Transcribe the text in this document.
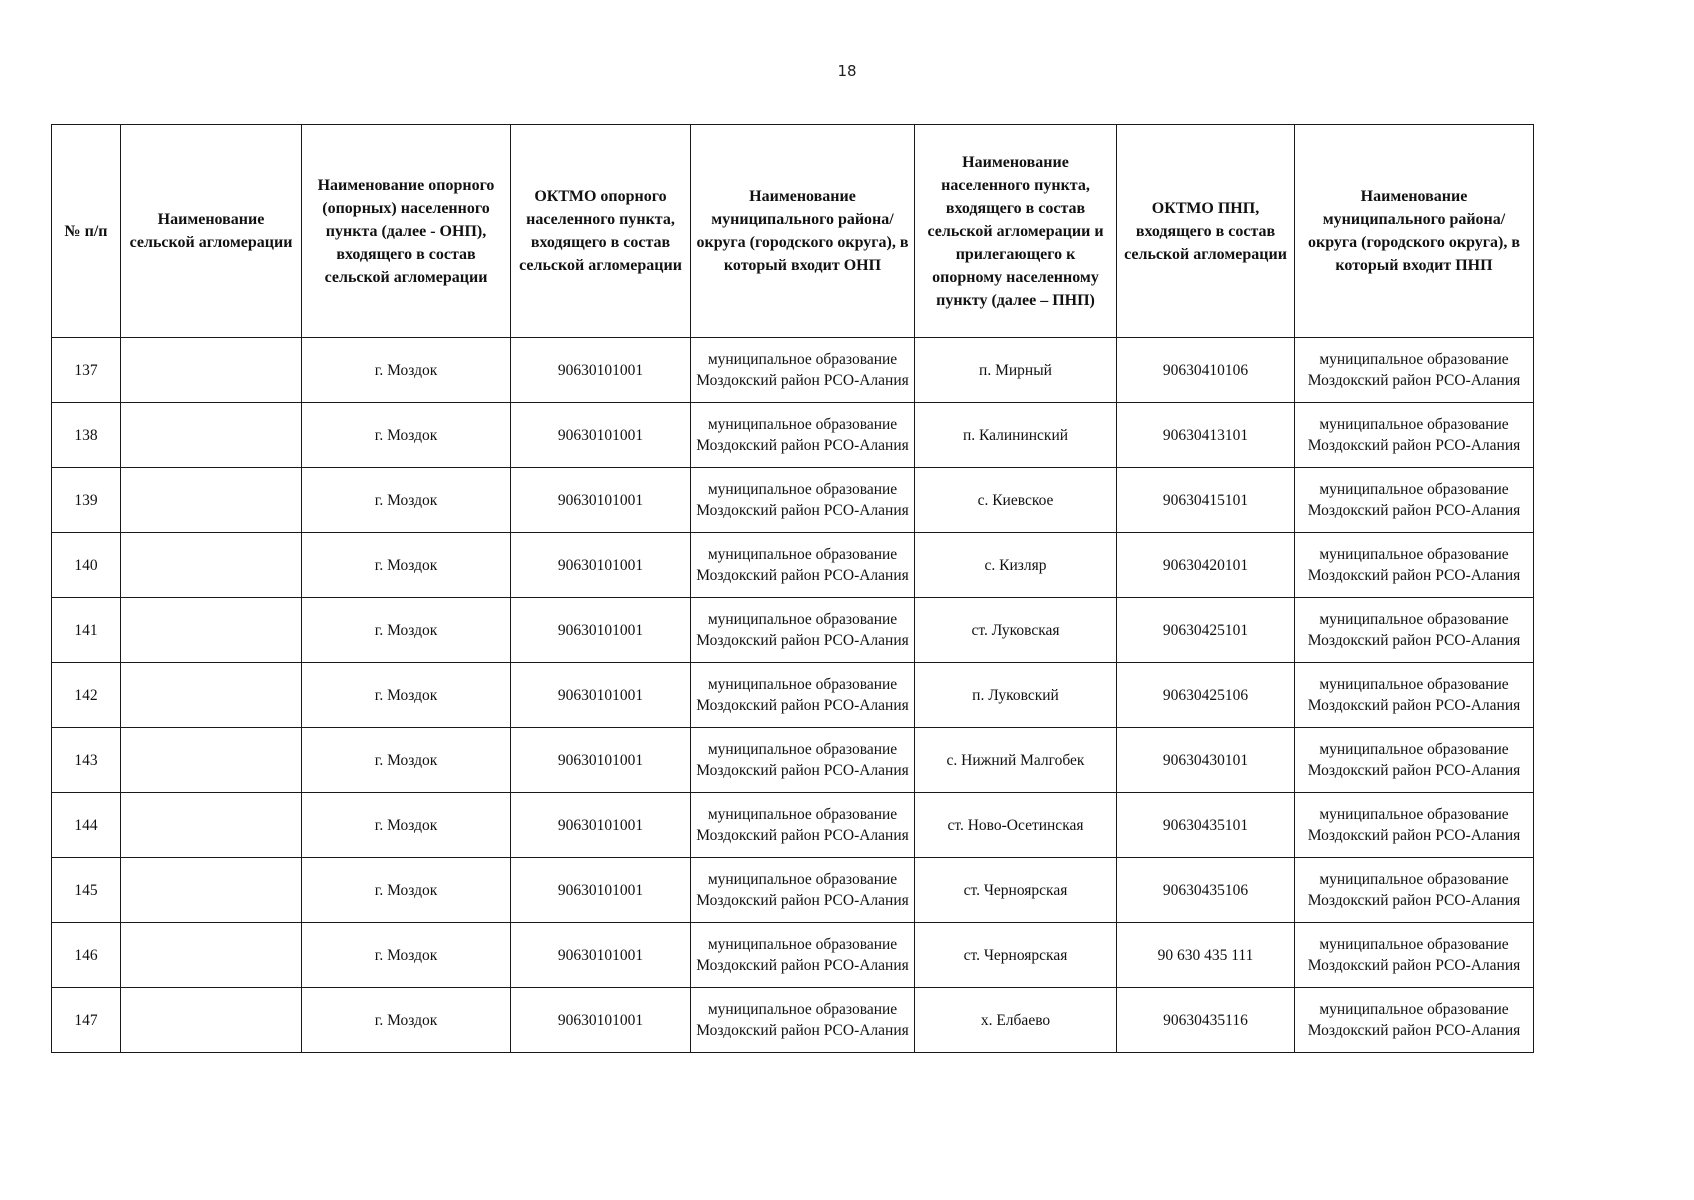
18
№ п/п	Наименование сельской агломерации	Наименование опорного (опорных) населенного пункта (далее - ОНП), входящего в состав сельской агломерации	ОКТМО опорного населенного пункта, входящего в состав сельской агломерации	Наименование муниципального района/округа (городского округа), в который входит ОНП	Наименование населенного пункта, входящего в состав сельской агломерации и прилегающего к опорному населенному пункту (далее – ПНП)	ОКТМО ПНП, входящего в состав сельской агломерации	Наименование муниципального района/округа (городского округа), в который входит ПНП
137		г. Моздок	90630101001	муниципальное образование Моздокский район РСО-Алания	п. Мирный	90630410106	муниципальное образование Моздокский район РСО-Алания
138		г. Моздок	90630101001	муниципальное образование Моздокский район РСО-Алания	п. Калининский	90630413101	муниципальное образование Моздокский район РСО-Алания
139		г. Моздок	90630101001	муниципальное образование Моздокский район РСО-Алания	с. Киевское	90630415101	муниципальное образование Моздокский район РСО-Алания
140		г. Моздок	90630101001	муниципальное образование Моздокский район РСО-Алания	с. Кизляр	90630420101	муниципальное образование Моздокский район РСО-Алания
141		г. Моздок	90630101001	муниципальное образование Моздокский район РСО-Алания	ст. Луковская	90630425101	муниципальное образование Моздокский район РСО-Алания
142		г. Моздок	90630101001	муниципальное образование Моздокский район РСО-Алания	п. Луковский	90630425106	муниципальное образование Моздокский район РСО-Алания
143		г. Моздок	90630101001	муниципальное образование Моздокский район РСО-Алания	с. Нижний Малгобек	90630430101	муниципальное образование Моздокский район РСО-Алания
144		г. Моздок	90630101001	муниципальное образование Моздокский район РСО-Алания	ст. Ново-Осетинская	90630435101	муниципальное образование Моздокский район РСО-Алания
145		г. Моздок	90630101001	муниципальное образование Моздокский район РСО-Алания	ст. Черноярская	90630435106	муниципальное образование Моздокский район РСО-Алания
146		г. Моздок	90630101001	муниципальное образование Моздокский район РСО-Алания	ст. Черноярская	90 630 435 111	муниципальное образование Моздокский район РСО-Алания
147		г. Моздок	90630101001	муниципальное образование Моздокский район РСО-Алания	х. Елбаево	90630435116	муниципальное образование Моздокский район РСО-Алания
